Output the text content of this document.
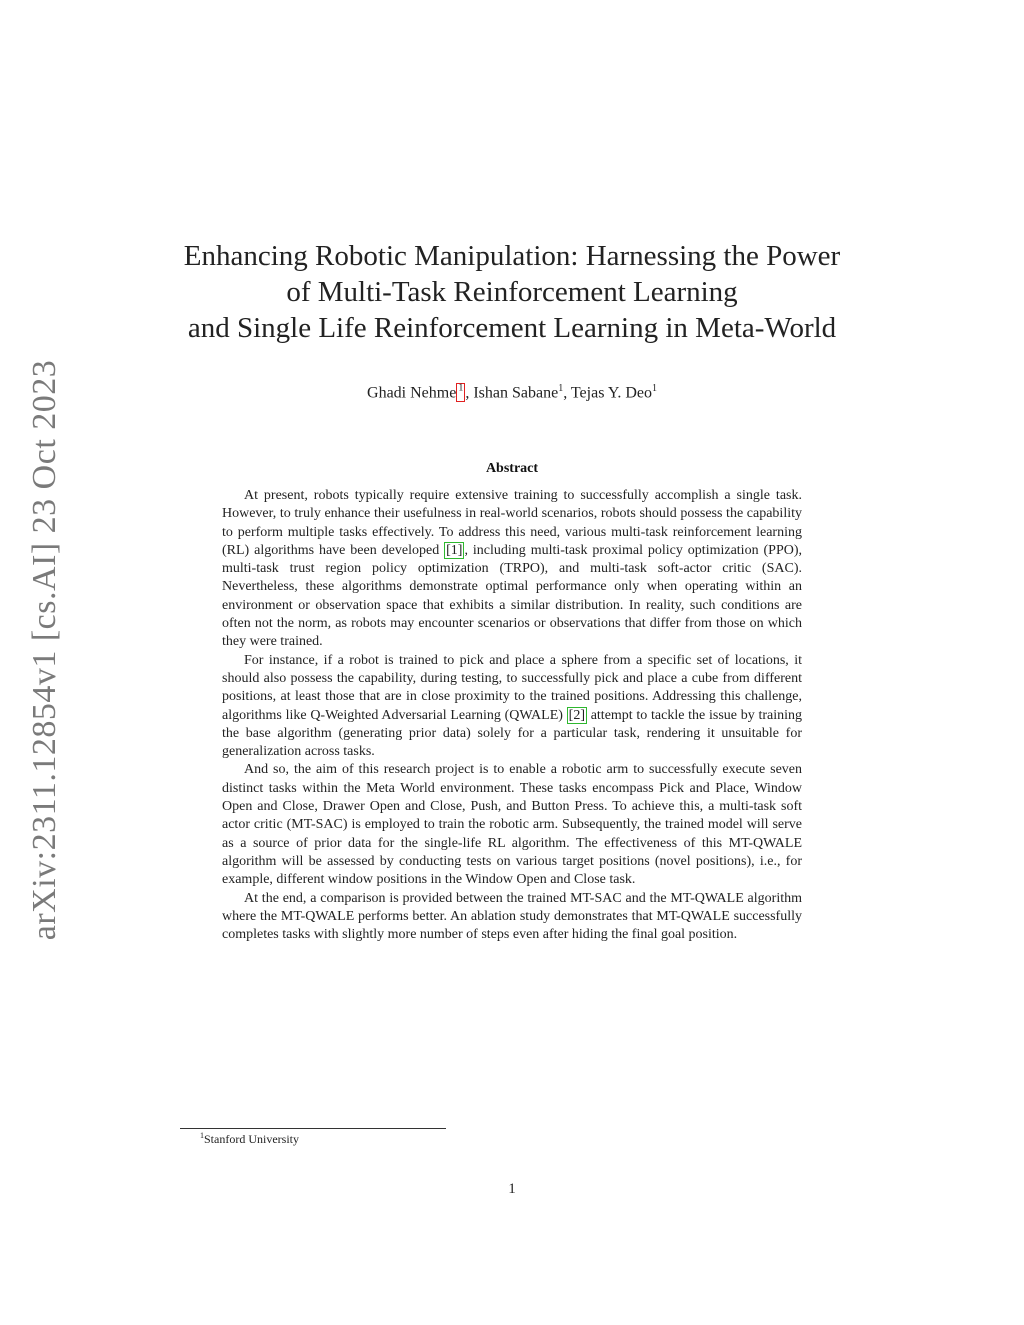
arXiv:2311.12854v1 [cs.AI] 23 Oct 2023
Enhancing Robotic Manipulation: Harnessing the Power
of Multi-Task Reinforcement Learning
and Single Life Reinforcement Learning in Meta-World
Ghadi Nehme $^1$ , Ishan Sabane$^1$, Tejas Y. Deo$^1$
Abstract

At present, robots typically require extensive training to successfully accomplish a single task. However, to truly enhance their usefulness in real-world scenarios, robots should possess the capability to perform multiple tasks effectively. To address this need, various multi-task reinforcement learning (RL) algorithms have been developed [1] , including multi-task proximal policy optimization (PPO), multi-task trust region policy optimization (TRPO), and multi-task soft-actor critic (SAC). Nevertheless, these algorithms demonstrate optimal performance only when operating within an environment or observation space that exhibits a similar distribution. In reality, such conditions are often not the norm, as robots may encounter scenarios or observations that differ from those on which they were trained.

For instance, if a robot is trained to pick and place a sphere from a specific set of locations, it should also possess the capability, during testing, to successfully pick and place a cube from different positions, at least those that are in close proximity to the trained positions. Addressing this challenge, algorithms like Q-Weighted Adversarial Learning (QWALE) [2] attempt to tackle the issue by training the base algorithm (generating prior data) solely for a particular task, rendering it unsuitable for generalization across tasks.

And so, the aim of this research project is to enable a robotic arm to successfully execute seven distinct tasks within the Meta World environment. These tasks encompass Pick and Place, Window Open and Close, Drawer Open and Close, Push, and Button Press. To achieve this, a multi-task soft actor critic (MT-SAC) is employed to train the robotic arm. Subsequently, the trained model will serve as a source of prior data for the single-life RL algorithm. The effectiveness of this MT-QWALE algorithm will be assessed by conducting tests on various target positions (novel positions), i.e., for example, different window positions in the Window Open and Close task.

At the end, a comparison is provided between the trained MT-SAC and the MT-QWALE algorithm where the MT-QWALE performs better. An ablation study demonstrates that MT-QWALE successfully completes tasks with slightly more number of steps even after hiding the final goal position.

$^1$Stanford University
1
